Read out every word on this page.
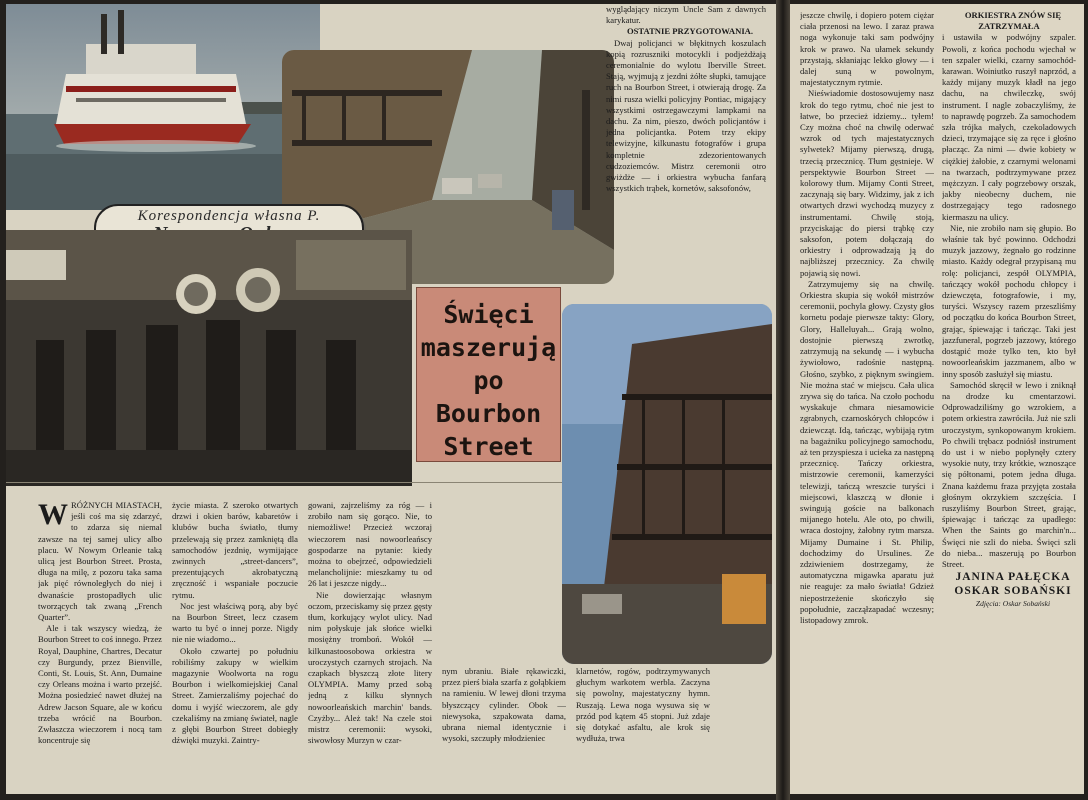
Korespondencja własna P.
Święci
maszerują
po Bourbon
Street

wyglądający niczym Uncle Sam z dawnych karykatur.

OSTATNIE PRZYGOTOWANIA.

Dwaj policjanci w błękitnych koszulach kopią rozruszniki motocykli i podjeżdżają ceremonialnie do wylotu Iberville Street. Stają, wyjmują z jezdni żółte słupki, tamujące ruch na Bourbon Street, i otwierają drogę. Za nimi rusza wielki policyjny Pontiac, migający wszystkimi ostrzegawczymi lampkami na dachu. Za nim, pieszo, dwóch policjantów i jedna policjantka. Potem trzy ekipy telewizyjne, kilkunastu fotografów i grupa kompletnie zdezorientowanych cudzoziemców. Mistrz ceremonii otro gwiżdże — i orkiestra wybucha fanfarą wszystkich trąbek, kornetów, saksofonów,

WRÓŻNYCH MIASTACH, jeśli coś ma się zdarzyć, to zdarza się niemal zawsze na tej samej ulicy albo placu. W Nowym Orleanie taką ulicą jest Bourbon Street. Prosta, długa na milę, z pozoru taka sama jak pięć równoległych do niej i dwanaście prostopadłych ulic tworzących tak zwaną „French Quarter”.

Ale i tak wszyscy wiedzą, że Bourbon Street to coś innego. Przez Royal, Dauphine, Chartres, Decatur czy Burgundy, przez Bienville, Conti, St. Louis, St. Ann, Dumaine czy Orleans można i warto przejść. Można posiedzieć nawet dłużej na Adrew Jacson Square, ale w końcu trzeba wrócić na Bourbon. Zwłaszcza wieczorem i nocą tam koncentruje się

życie miasta. Z szeroko otwartych drzwi i okien barów, kabaretów i klubów bucha światło, tłumy przelewają się przez zamkniętą dla samochodów jezdnię, wymijające zwinnych „street-dancers”, prezentujących akrobatyczną zręczność i wspaniałe poczucie rytmu.

Noc jest właściwą porą, aby być na Bourbon Street, lecz czasem warto tu być o innej porze. Nigdy nie nie wiadomo...

Około czwartej po południu robiliśmy zakupy w wielkim magazynie Woolworta na rogu Bourbon i wielkomiejskiej Canal Street. Zamierzaliśmy pojechać do domu i wyjść wieczorem, ale gdy czekaliśmy na zmianę świateł, nagle z głębi Bourbon Street dobiegły dźwięki muzyki. Zaintry-

gowani, zajrzeliśmy za róg — i zrobiło nam się gorąco. Nie, to niemożliwe! Przecież wczoraj wieczorem nasi nowoorleańscy gospodarze na pytanie: kiedy można to obejrzeć, odpowiedzieli melancholijnie: mieszkamy tu od 26 lat i jeszcze nigdy...

Nie dowierzając własnym oczom, przeciskamy się przez gęsty tłum, korkujący wylot ulicy. Nad nim połyskuje jak słońce wielki mosiężny tromboń. Wokół — kilkunastoosobowa orkiestra w uroczystych czarnych strojach. Na czapkach błyszczą złote litery OLYMPIA. Mamy przed sobą jedną z kilku słynnych nowoorleańskich marchin' bands. Czyżby... Ależ tak! Na czele stoi mistrz ceremonii: wysoki, siwowłosy Murzyn w czar-

nym ubraniu. Białe rękawiczki, przez pierś biała szarfa z gołąbkiem na ramieniu. W lewej dłoni trzyma błyszczący cylinder. Obok — niewysoka, szpakowata dama, ubrana niemal identycznie i wysoki, szczupły młodzieniec

klarnetów, rogów, podtrzymywanych głuchym warkotem werbla. Zaczyna się powolny, majestatyczny hymn. Ruszają. Lewa noga wysuwa się w przód pod kątem 45 stopni. Już zdaje się dotykać asfaltu, ale krok się wydłuża, trwa

jeszcze chwilę, i dopiero potem ciężar ciała przenosi na lewo. I zaraz prawa noga wykonuje taki sam podwójny krok w prawo. Na ułamek sekundy przystają, skłaniając lekko głowy — i dalej suną w powolnym, majestatycznym rytmie.

Nieświadomie dostosowujemy nasz krok do tego rytmu, choć nie jest to łatwe, bo przecież idziemy... tyłem! Czy można choć na chwilę oderwać wzrok od tych majestatycznych sylwetek? Mijamy pierwszą, drugą, trzecią przecznicę. Tłum gęstnieje. W perspektywie Bourbon Street — kolorowy tłum. Mijamy Conti Street, zaczynają się bary. Widzimy, jak z ich otwartych drzwi wychodzą muzycy z instrumentami. Chwilę stoją, przyciskając do piersi trąbkę czy saksofon, potem dołączają do orkiestry i odprowadzają ją do najbliższej przecznicy. Za chwilę pojawią się nowi.

Zatrzymujemy się na chwilę. Orkiestra skupia się wokół mistrzów ceremonii, pochyla głowy. Czysty głos kornetu podaje pierwsze takty: Glory, Glory, Halleluyah... Grają wolno, dostojnie pierwszą zwrotkę, zatrzymują na sekundę — i wybucha żywiołowo, radośnie następną. Głośno, szybko, z pięknym swingiem. Nie można stać w miejscu. Cała ulica zrywa się do tańca. Na czoło pochodu wyskakuje chmara niesamowicie zgrabnych, czarnoskórych chłopców i dziewcząt. Idą, tańcząc, wybijają rytm na bagażniku policyjnego samochodu, aż ten przyspiesza i ucieka za następną przecznicę. Tańczy orkiestra, mistrzowie ceremonii, kamerzyści telewizji, tańczą wreszcie turyści i miejscowi, klaszczą w dłonie i swingują goście na balkonach mijanego hotelu. Ale oto, po chwili, wraca dostojny, żałobny rytm marsza. Mijamy Dumaine i St. Philip, dochodzimy do Ursulines. Ze zdziwieniem dostrzegamy, że automatyczna migawka aparatu już nie reaguje: za mało światła! Gdzież niepostrzeżenie skończyło się popołudnie, zacząłzapadać wczesny; listopadowy zmrok.

ORKIESTRA ZNÓW SIĘ ZATRZYMAŁA

i ustawiła w podwójny szpaler. Powoli, z końca pochodu wjechał w ten szpaler wielki, czarny samochód-karawan. Woiniutko ruszył naprzód, a każdy mijany muzyk kładł na jego dachu, na chwileczkę, swój instrument. I nagle zobaczyliśmy, że to naprawdę pogrzeb. Za samochodem szła trójka małych, czekoladowych dzieci, trzymające się za ręce i głośno płacząc. Za nimi — dwie kobiety w ciężkiej żałobie, z czarnymi welonami na twarzach, podtrzymywane przez mężczyzn. I cały pogrzebowy orszak, jakby nieobecny duchem, nie dostrzegający tego radosnego kiermaszu na ulicy.

Nie, nie zrobiło nam się głupio. Bo właśnie tak być powinno. Odchodzi muzyk jazzowy, żegnało go rodzinne miasto. Każdy odegrał przypisaną mu rolę: policjanci, zespół OLYMPIA, tańczący wokół pochodu chłopcy i dziewczęta, fotografowie, i my, turyści. Wszyscy razem przeszliśmy od początku do końca Bourbon Street, grając, śpiewając i tańcząc. Taki jest jazzfuneral, pogrzeb jazzowy, którego dostąpić może tylko ten, kto był nowoorleańskim jazzmanem, albo w inny sposób zasłużył się miastu.

Samochód skręcił w lewo i zniknął na drodze ku cmentarzowi. Odprowadziliśmy go wzrokiem, a potem orkiestra zawróciła. Już nie szli uroczystym, synkopowanym krokiem. Po chwili trębacz podniósł instrument do ust i w niebo popłynęły cztery wysokie nuty, trzy krótkie, wznoszące się półtonami, potem jedna długa. Znana każdemu fraza przyjęta została głośnym okrzykiem szczęścia. I ruszyliśmy Bourbon Street, grając, śpiewając i tańcząc za upadłego: When the Saints go marchin'n... Święci nie szli do nieba. Święci szli do nieba... maszerują po Bourbon Street.

JANINA PAŁĘCKA

OSKAR SOBAŃSKI

Zdjęcia: Oskar Sobański
